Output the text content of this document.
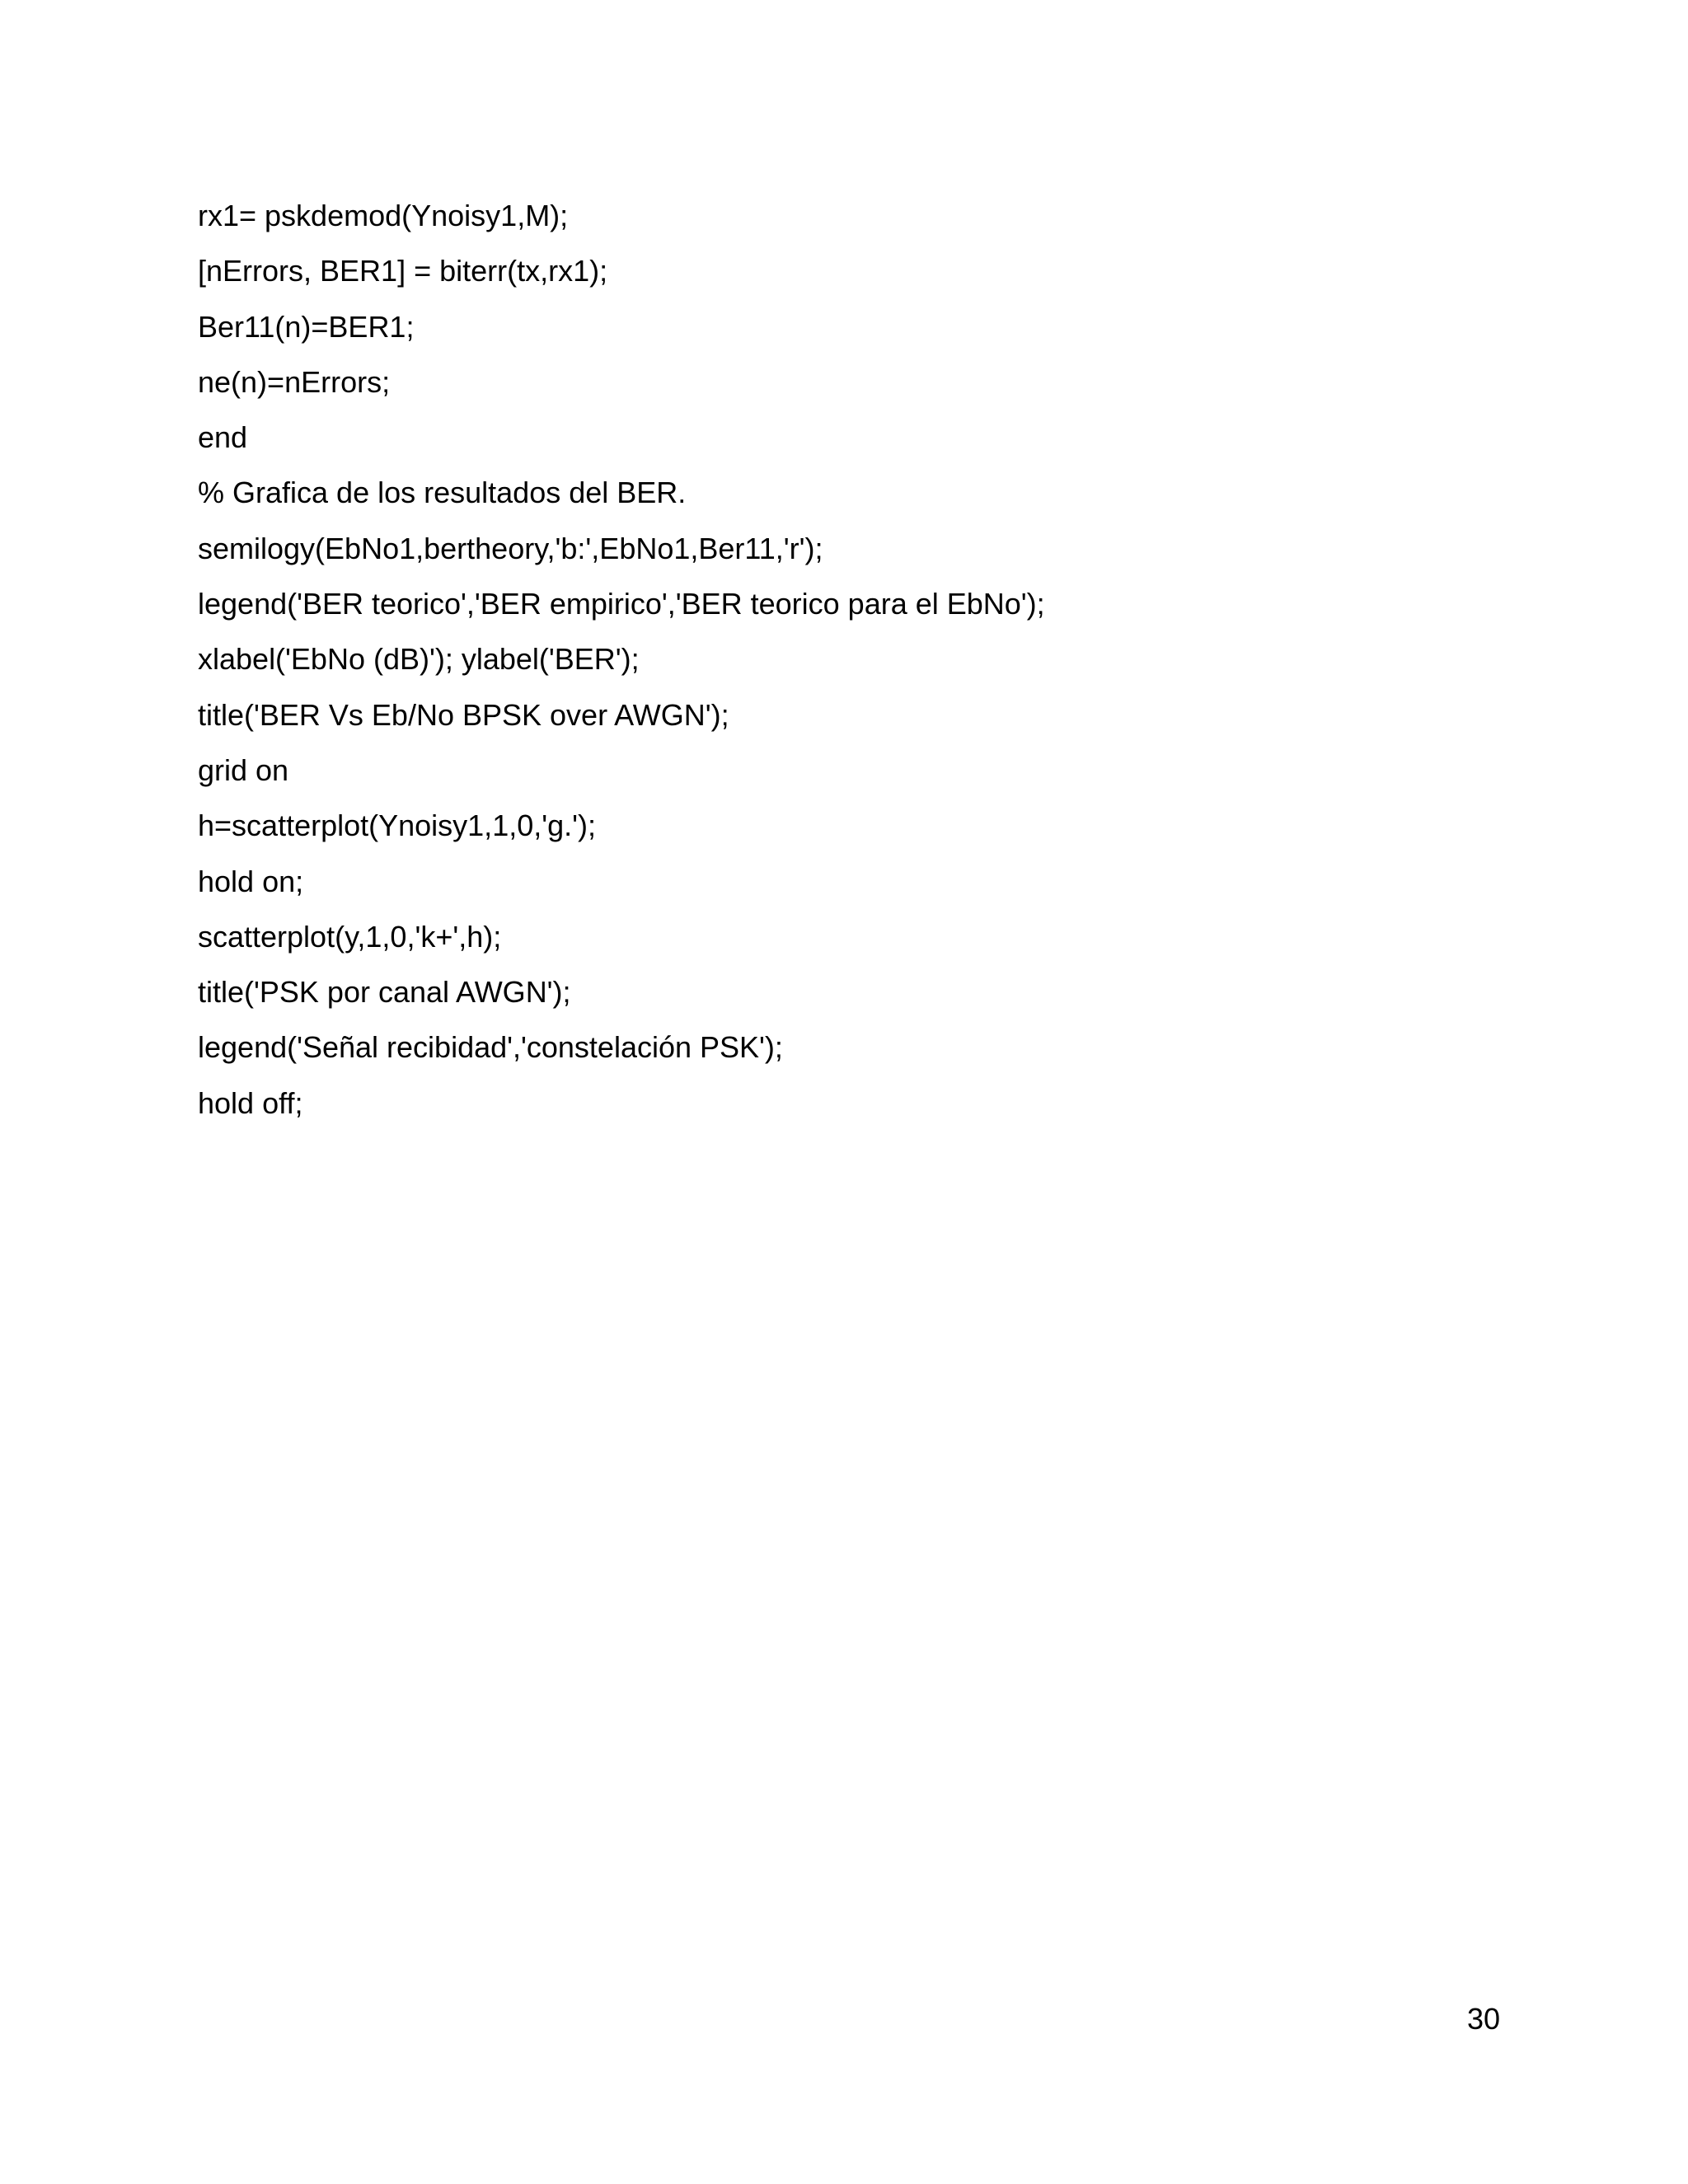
rx1= pskdemod(Ynoisy1,M);
[nErrors, BER1] = biterr(tx,rx1);
Ber11(n)=BER1;
ne(n)=nErrors;
end
% Grafica de los resultados del BER.
semilogy(EbNo1,bertheory,'b:',EbNo1,Ber11,'r');
legend('BER teorico','BER empirico','BER teorico para el EbNo');
xlabel('EbNo (dB)'); ylabel('BER');
title('BER Vs Eb/No BPSK over AWGN');
grid on
h=scatterplot(Ynoisy1,1,0,'g.');
hold on;
scatterplot(y,1,0,'k+',h);
title('PSK por canal AWGN');
legend('Señal recibidad','constelación PSK');
hold off;
30
